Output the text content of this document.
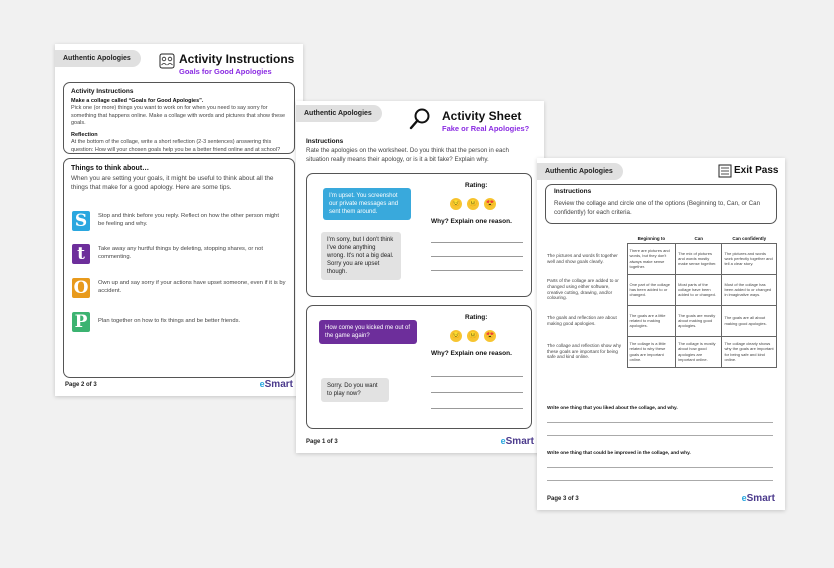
Authentic Apologies	Activity Instructions
Goals for Good Apologies
Activity Instructions
Make a collage called “Goals for Good Apologies”.
Pick one (or more) things you want to work on for when you need to say sorry for something that happens online. Make a collage with words and pictures that show these goals.
Reflection
At the bottom of the collage, write a short reflection (2-3 sentences) answering this question: How will your chosen goals help you be a better friend online and at school?
Things to think about…
When you are setting your goals, it might be useful to think about all the things that make for a good apology. Here are some tips.
S	Stop and think before you reply. Reflect on how the other person might be feeling and why.
t	Take away any hurtful things by deleting, stopping shares, or not commenting.
O Own up and say sorry if your actions have upset someone, even if it is by accident.
P	Plan together on how to fix things and be better friends.
Page 2 of 3	eSmart
Authentic Apologies	Activity Sheet
Fake or Real Apologies?
Instructions
Rate the apologies on the worksheet. Do you think that the person in each situation really means their apology, or is it a bit fake? Explain why.
I'm upset. You screenshot our private messages and sent them around.
I'm sorry, but I don't think I've done anything wrong. It's not a big deal. Sorry you are upset though.
Rating:
😔 😐 😍
Why? Explain one reason.
How come you kicked me out of the game again?
Sorry. Do you want to play now?
Rating:
😔 😐 😍
Why? Explain one reason.
Page 1 of 3	eSmart
Authentic Apologies	Exit Pass
Instructions
Review the collage and circle one of the options (Beginning to, Can, or Can confidently) for each criteria.
	Beginning to	Can	Can confidently
The pictures and words fit together well and show goals clearly.	There are pictures and words, but they don't always make sense together.	The mix of pictures and words mostly make sense together.	The pictures and words work perfectly together and tell a clear story.
Parts of the collage are added to or changed using either software, creative cutting, drawing, and/or colouring.	One part of the collage has been added to or changed.	Most parts of the collage have been added to or changed.	Most of the collage has been added to or changed in imaginative ways.
The goals and reflection are about making good apologies.	The goals are a little related to making apologies.	The goals are mostly about making good apologies.	The goals are all about making good apologies.
The collage and reflection show why these goals are important for being safe and kind online.	The collage is a little related to why these goals are important online.	The collage is mostly about how good apologies are important online.	The collage clearly shows why the goals are important for being safe and kind online.
Write one thing that you liked about the collage, and why.
Write one thing that could be improved in the collage, and why.
Page 3 of 3	eSmart
